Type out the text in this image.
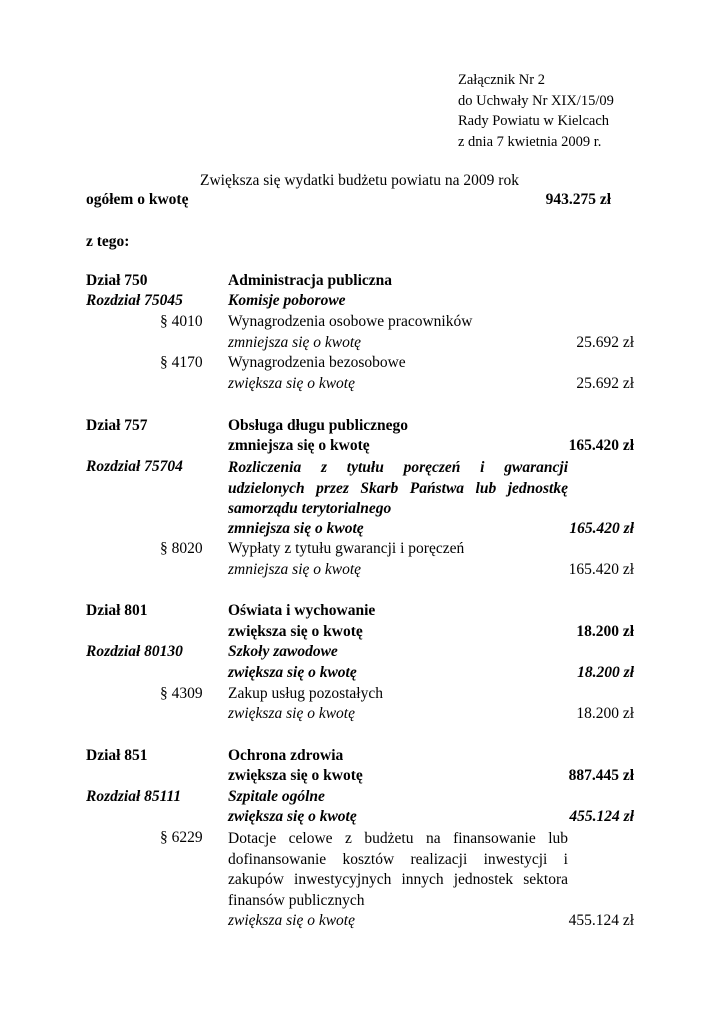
Załącznik Nr 2
do Uchwały Nr XIX/15/09
Rady Powiatu w Kielcach
z dnia 7 kwietnia 2009 r.
Zwiększa się wydatki budżetu powiatu na 2009 rok
ogółem o kwotę	943.275 zł
z tego:
Dział 750	Administracja publiczna
Rozdział 75045	Komisje poborowe
§ 4010 Wynagrodzenia osobowe pracowników
zmniejsza się o kwotę	25.692 zł
§ 4170 Wynagrodzenia bezosobowe
zwiększa się o kwotę	25.692 zł
Dział 757	Obsługa długu publicznego
zmniejsza się o kwotę	165.420 zł
Rozdział 75704	Rozliczenia z tytułu poręczeń i gwarancji udzielonych przez Skarb Państwa lub jednostkę samorządu terytorialnego
zmniejsza się o kwotę	165.420 zł
§ 8020 Wypłaty z tytułu gwarancji i poręczeń
zmniejsza się o kwotę	165.420 zł
Dział 801	Oświata i wychowanie
zwiększa się o kwotę	18.200 zł
Rozdział 80130	Szkoły zawodowe
zwiększa się o kwotę	18.200 zł
§ 4309 Zakup usług pozostałych
zwiększa się o kwotę	18.200 zł
Dział 851	Ochrona zdrowia
zwiększa się o kwotę	887.445 zł
Rozdział 85111	Szpitale ogólne
zwiększa się o kwotę	455.124 zł
§ 6229 Dotacje celowe z budżetu na finansowanie lub dofinansowanie kosztów realizacji inwestycji i zakupów inwestycyjnych innych jednostek sektora finansów publicznych
zwiększa się o kwotę	455.124 zł
